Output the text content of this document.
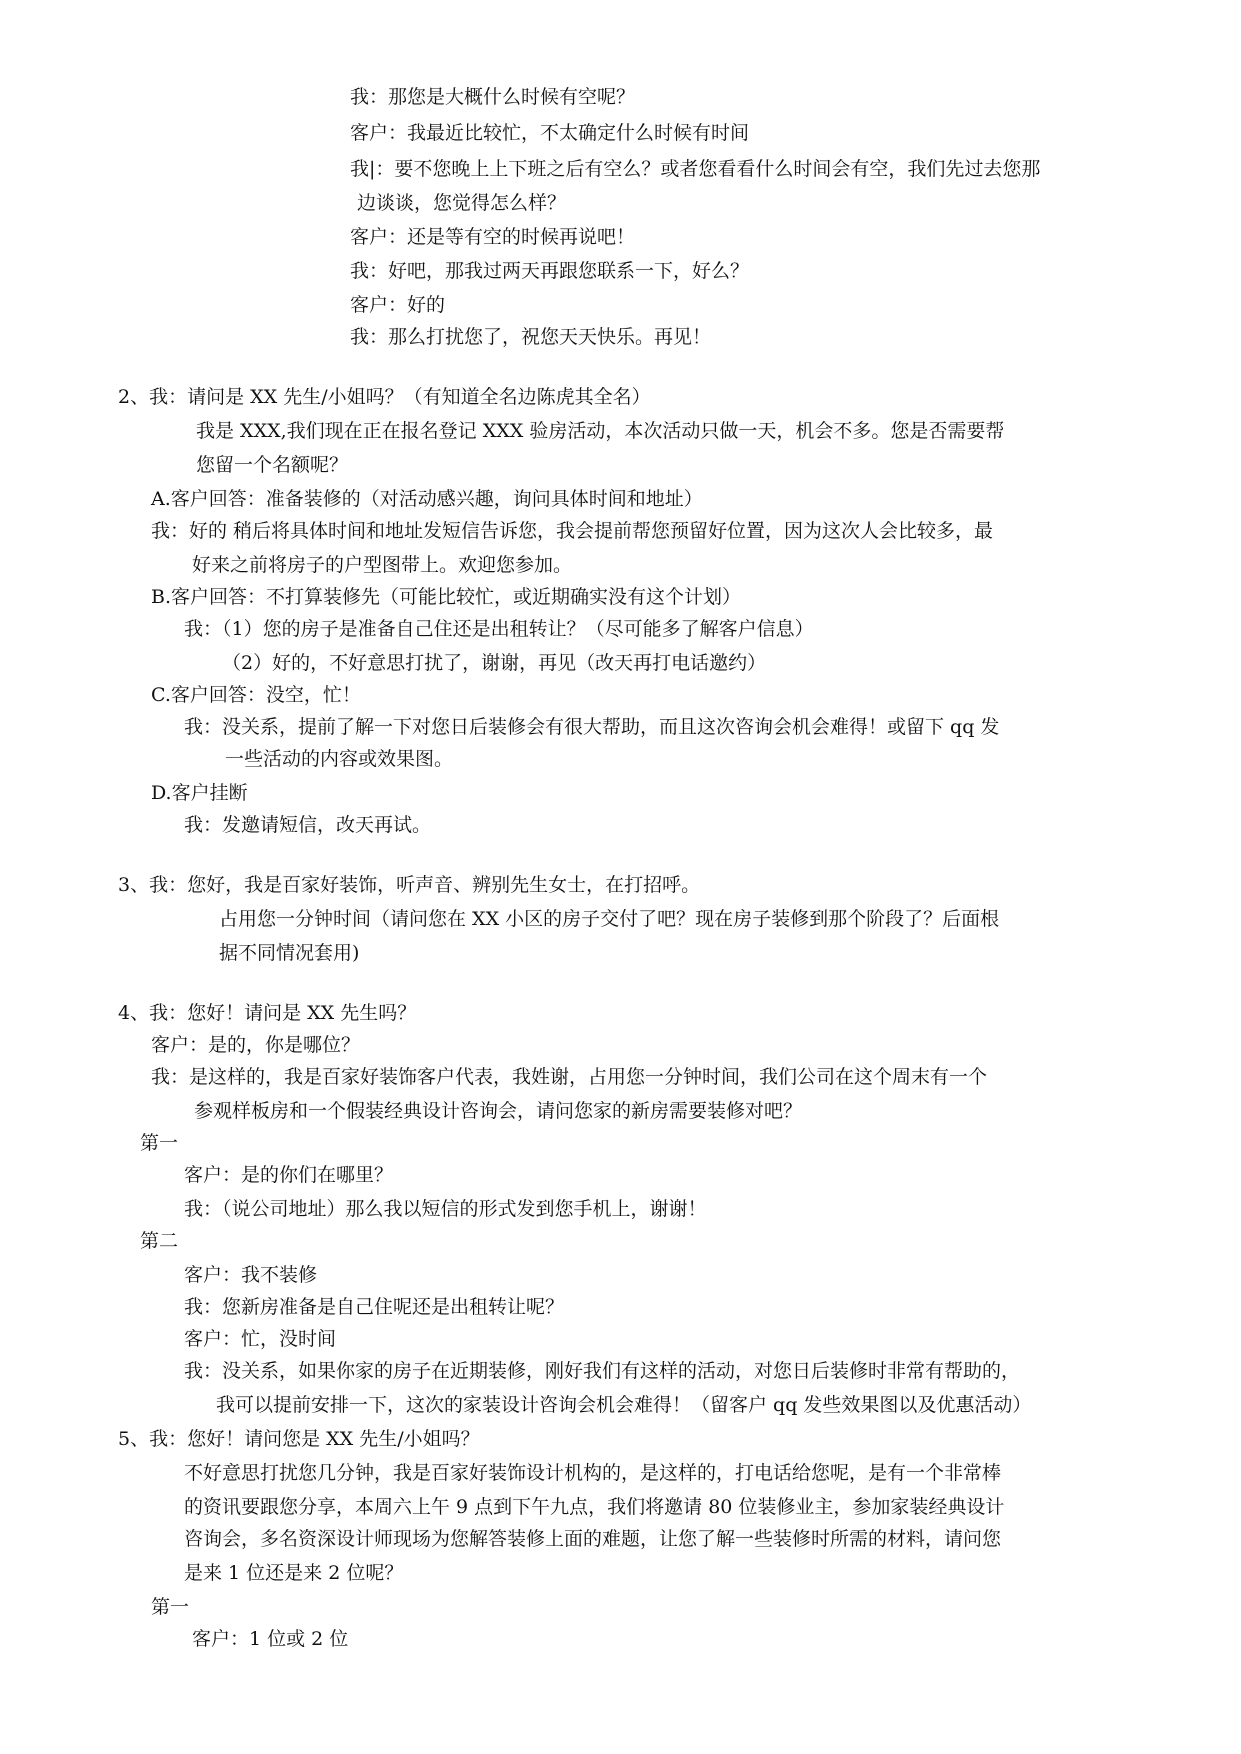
我：那您是大概什么时候有空呢？

客户：我最近比较忙，不太确定什么时候有时间

我|：要不您晚上上下班之后有空么？或者您看看什么时间会有空，我们先过去您那

边谈谈，您觉得怎么样？

客户：还是等有空的时候再说吧！

我：好吧，那我过两天再跟您联系一下，好么？

客户：好的

我：那么打扰您了，祝您天天快乐。再见！

2、我：请问是 XX 先生/小姐吗？（有知道全名边陈虎其全名）

我是 XXX,我们现在正在报名登记 XXX 验房活动，本次活动只做一天，机会不多。您是否需要帮

您留一个名额呢？

A.客户回答：准备装修的（对活动感兴趣，询问具体时间和地址）

我：好的 稍后将具体时间和地址发短信告诉您，我会提前帮您预留好位置，因为这次人会比较多，最

好来之前将房子的户型图带上。欢迎您参加。

B.客户回答：不打算装修先（可能比较忙，或近期确实没有这个计划）

我：（1）您的房子是准备自己住还是出租转让？（尽可能多了解客户信息）

（2）好的，不好意思打扰了，谢谢，再见（改天再打电话邀约）

C.客户回答：没空，忙！

我：没关系，提前了解一下对您日后装修会有很大帮助，而且这次咨询会机会难得！或留下 qq 发

一些活动的内容或效果图。

D.客户挂断

我：发邀请短信，改天再试。

3、我：您好，我是百家好装饰，听声音、辨别先生女士，在打招呼。

占用您一分钟时间（请问您在 XX 小区的房子交付了吧？现在房子装修到那个阶段了？后面根

据不同情况套用)

4、我：您好！请问是 XX 先生吗？

客户：是的，你是哪位？

我：是这样的，我是百家好装饰客户代表，我姓谢，占用您一分钟时间，我们公司在这个周末有一个

参观样板房和一个假装经典设计咨询会，请问您家的新房需要装修对吧？

第一

客户：是的你们在哪里？

我：（说公司地址）那么我以短信的形式发到您手机上，谢谢！

第二

客户：我不装修

我：您新房准备是自己住呢还是出租转让呢？

客户：忙，没时间

我：没关系，如果你家的房子在近期装修，刚好我们有这样的活动，对您日后装修时非常有帮助的，

我可以提前安排一下，这次的家装设计咨询会机会难得！（留客户 qq 发些效果图以及优惠活动）

5、我：您好！请问您是 XX 先生/小姐吗？

不好意思打扰您几分钟，我是百家好装饰设计机构的，是这样的，打电话给您呢，是有一个非常棒

的资讯要跟您分享，本周六上午 9 点到下午九点，我们将邀请 80 位装修业主，参加家装经典设计

咨询会，多名资深设计师现场为您解答装修上面的难题，让您了解一些装修时所需的材料，请问您

是来 1 位还是来 2 位呢？

第一

客户：1 位或 2 位
